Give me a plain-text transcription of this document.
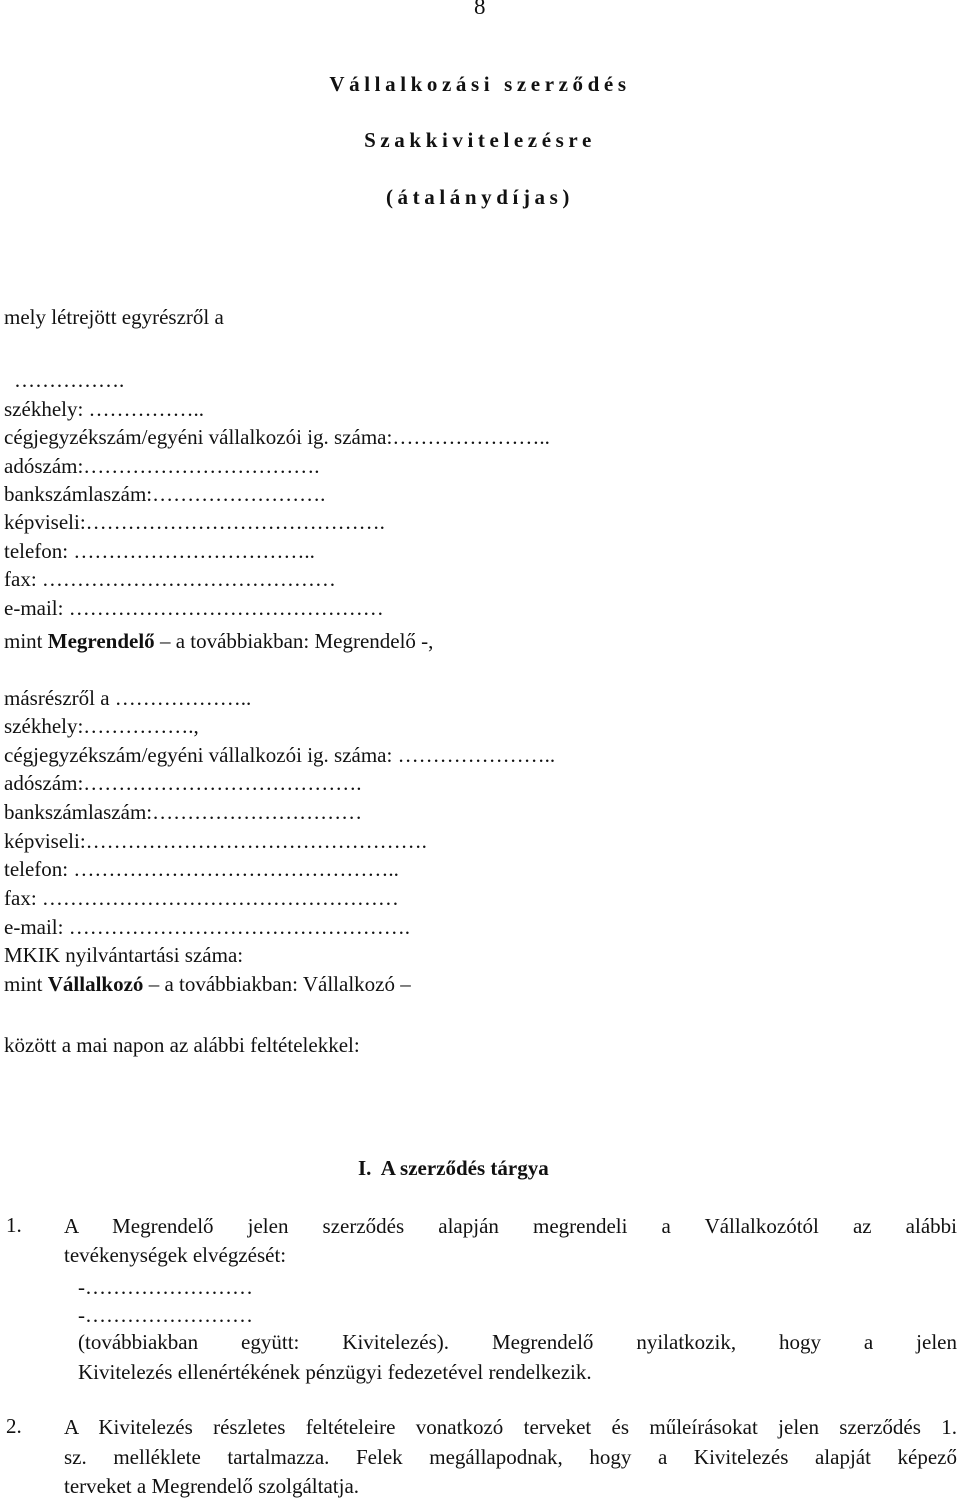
8
Vállalkozási szerződés
Szakkivitelezésre
(átalánydíjas)
mely létrejött egyrészről a
…………….
székhely: ……………..
cégjegyzékszám/egyéni vállalkozói ig. száma:…………………..
adószám:…………………………….
bankszámlaszám:…………………….
képviseli:…………………………………….
telefon: ……………………………..
fax: ……………………………………
e-mail: ………………………………………
mint Megrendelő – a továbbiakban: Megrendelő -,
másrészről a ………………..
székhely:…………….,
cégjegyzékszám/egyéni vállalkozói ig. száma: …………………..
adószám:………………………………….
bankszámlaszám:…………………………
képviseli:………………………………………….
telefon: ………………………………………..
fax: ……………………………………………
e-mail: ………………………………………….
MKIK nyilvántartási száma:
mint Vállalkozó – a továbbiakban: Vállalkozó –
között a mai napon az alábbi feltételekkel:
I.  A szerződés tárgya
1. A Megrendelő jelen szerződés alapján megrendeli a Vállalkozótól az alábbi
tevékenységek elvégzését:
-……………………
-……………………
(továbbiakban együtt: Kivitelezés). Megrendelő nyilatkozik, hogy a jelen
Kivitelezés ellenértékének pénzügyi fedezetével rendelkezik.
2. A Kivitelezés részletes feltételeire vonatkozó terveket és műleírásokat jelen szerződés 1.
sz. melléklete tartalmazza. Felek megállapodnak, hogy a Kivitelezés alapját képező
terveket a Megrendelő szolgáltatja.
